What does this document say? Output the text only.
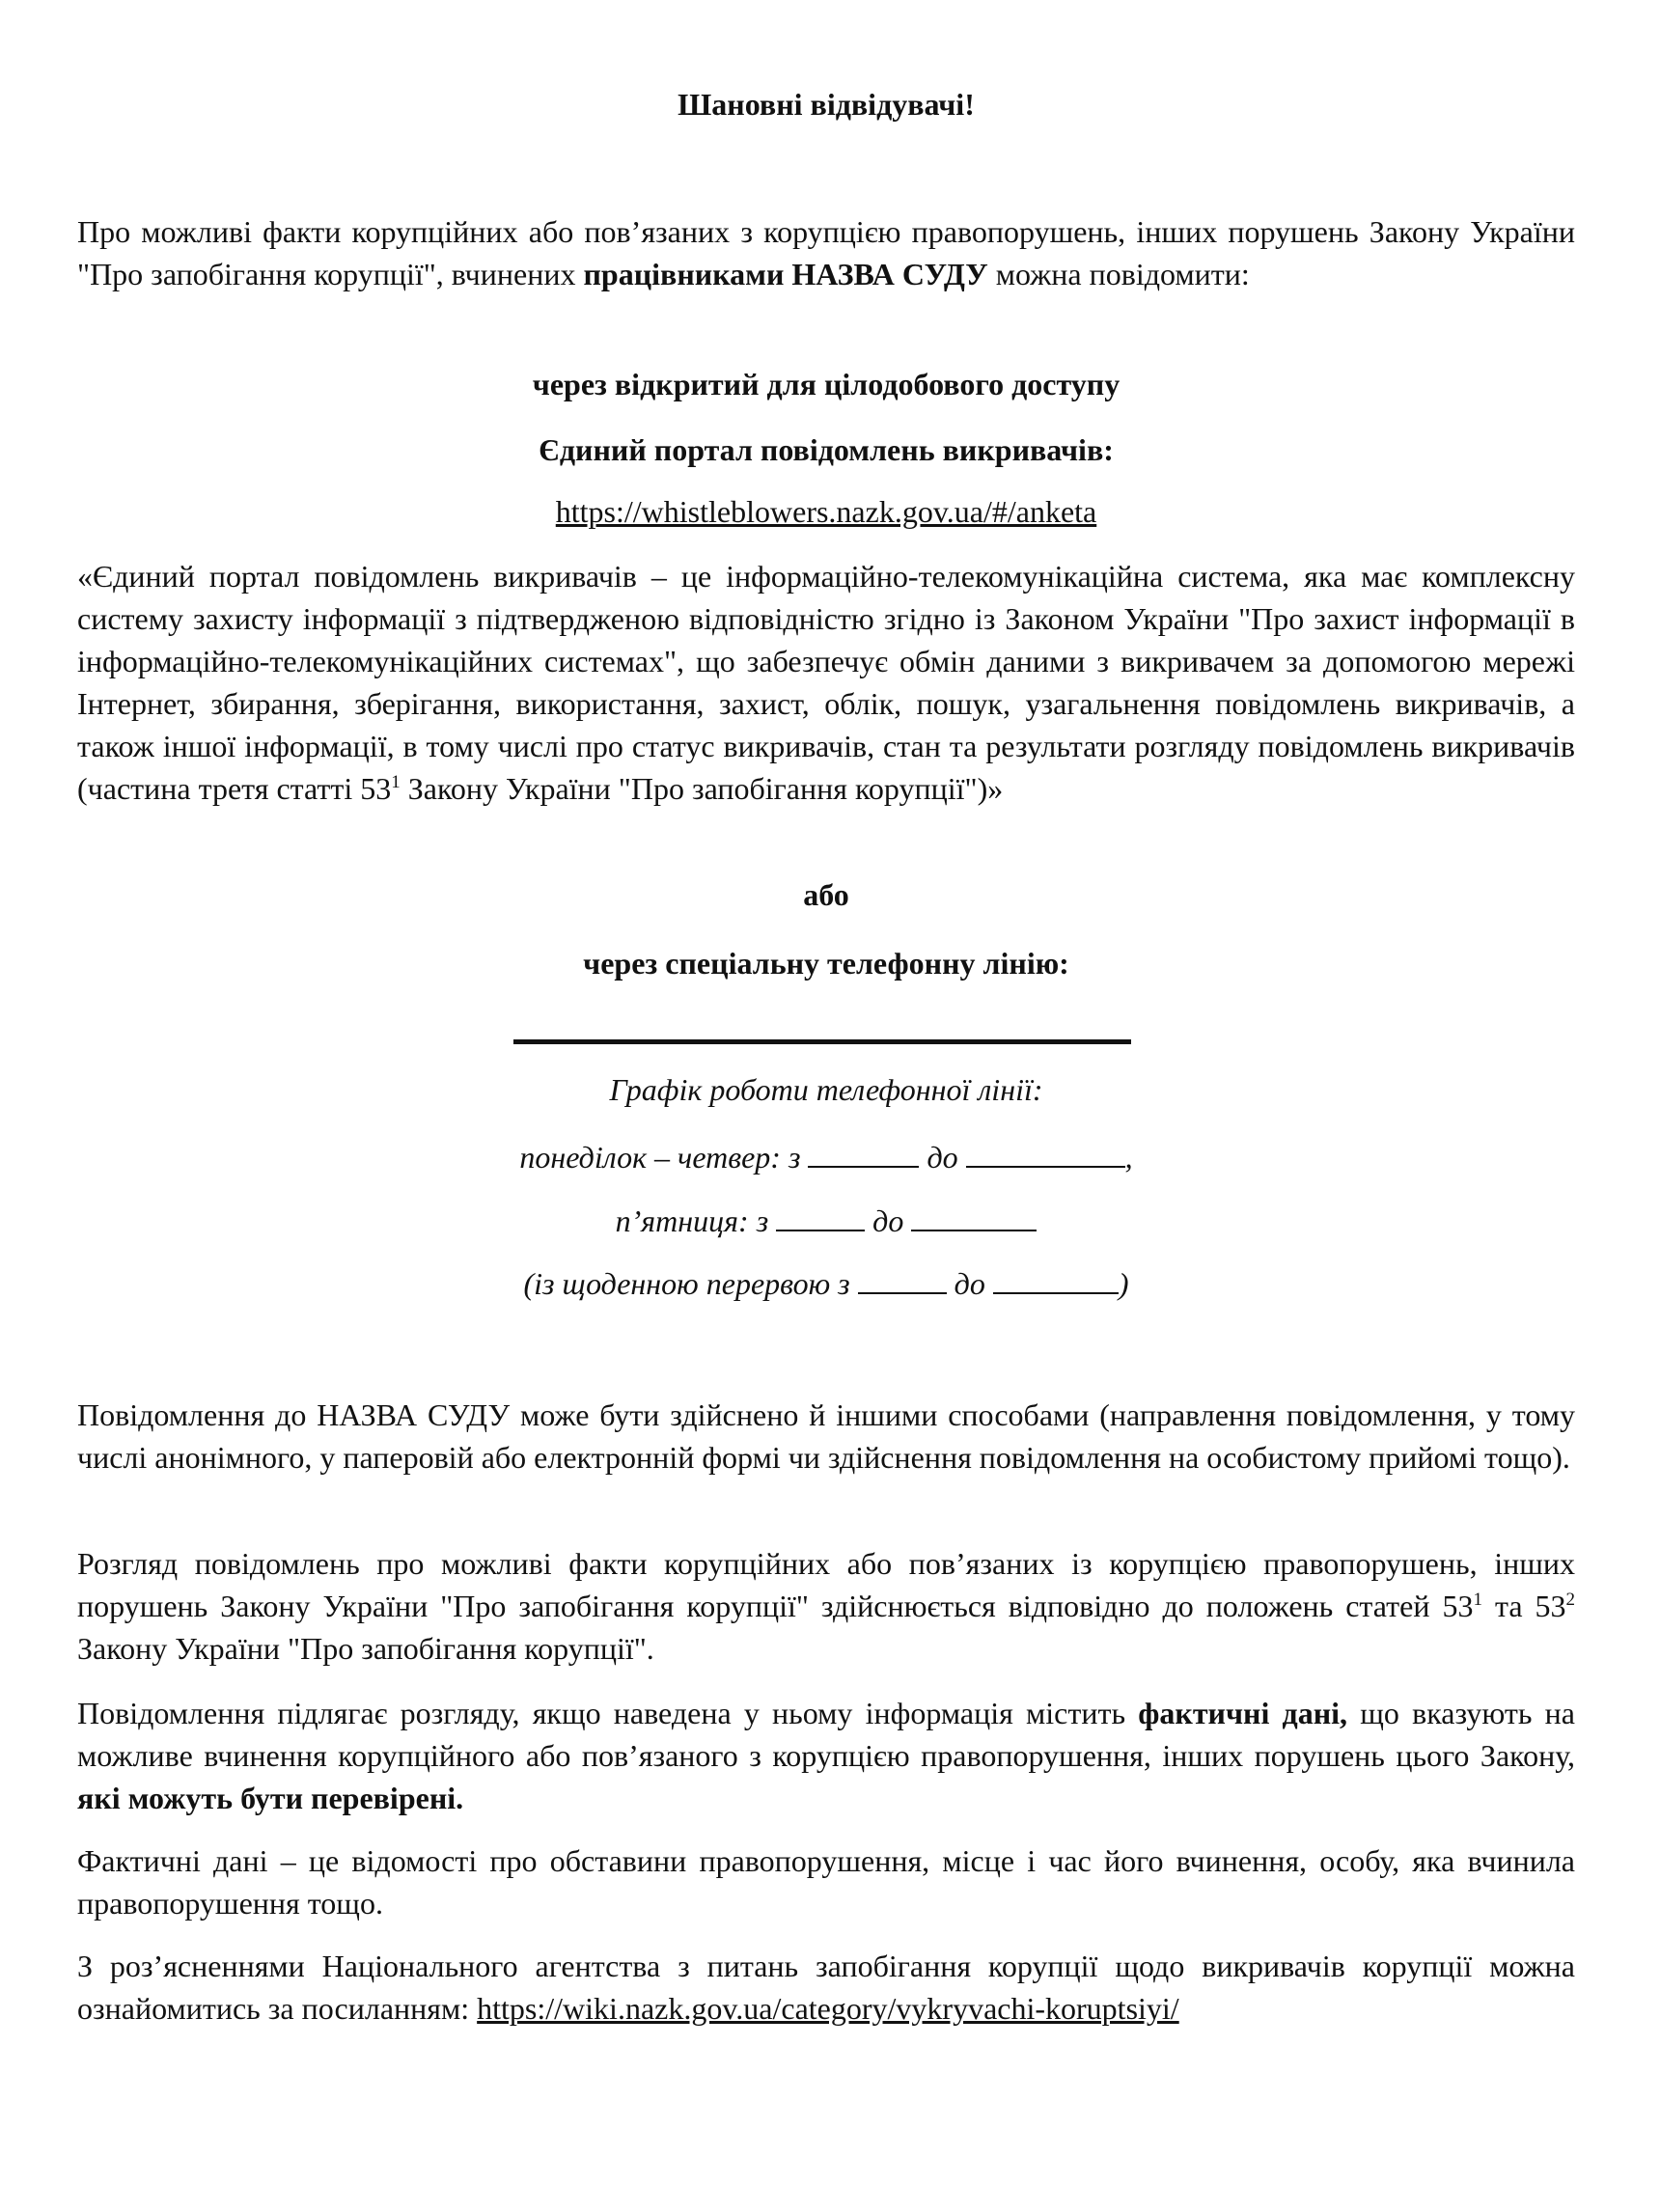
Шановні відвідувачі!
Про можливі факти корупційних або пов’язаних з корупцією правопорушень, інших порушень Закону України "Про запобігання корупції", вчинених працівниками НАЗВА СУДУ можна повідомити:
через відкритий для цілодобового доступу
Єдиний портал повідомлень викривачів:
https://whistleblowers.nazk.gov.ua/#/anketa
«Єдиний портал повідомлень викривачів – це інформаційно-телекомунікаційна система, яка має комплексну систему захисту інформації з підтвердженою відповідністю згідно із Законом України "Про захист інформації в інформаційно-телекомунікаційних системах", що забезпечує обмін даними з викривачем за допомогою мережі Інтернет, збирання, зберігання, використання, захист, облік, пошук, узагальнення повідомлень викривачів, а також іншої інформації, в тому числі про статус викривачів, стан та результати розгляду повідомлень викривачів (частина третя статті $53^1$ Закону України "Про запобігання корупції")»
або
через спеціальну телефонну лінію:
Графік роботи телефонної лінії:
понеділок – четвер: з	до	,
п’ятниця: з	до
(із щоденною перервою з	до	)
Повідомлення до НАЗВА СУДУ може бути здійснено й іншими способами (направлення повідомлення, у тому числі анонімного, у паперовій або електронній формі чи здійснення повідомлення на особистому прийомі тощо).
Розгляд повідомлень про можливі факти корупційних або пов’язаних із корупцією правопорушень, інших порушень Закону України "Про запобігання корупції" здійснюється відповідно до положень статей $53^1$ та $53^2$ Закону України "Про запобігання корупції".
Повідомлення підлягає розгляду, якщо наведена у ньому інформація містить фактичні дані, що вказують на можливе вчинення корупційного або пов’язаного з корупцією правопорушення, інших порушень цього Закону, які можуть бути перевірені.
Фактичні дані – це відомості про обставини правопорушення, місце і час його вчинення, особу, яка вчинила правопорушення тощо.
З роз’ясненнями Національного агентства з питань запобігання корупції щодо викривачів корупції можна ознайомитись за посиланням: https://wiki.nazk.gov.ua/category/vykryvachi-koruptsiyi/
